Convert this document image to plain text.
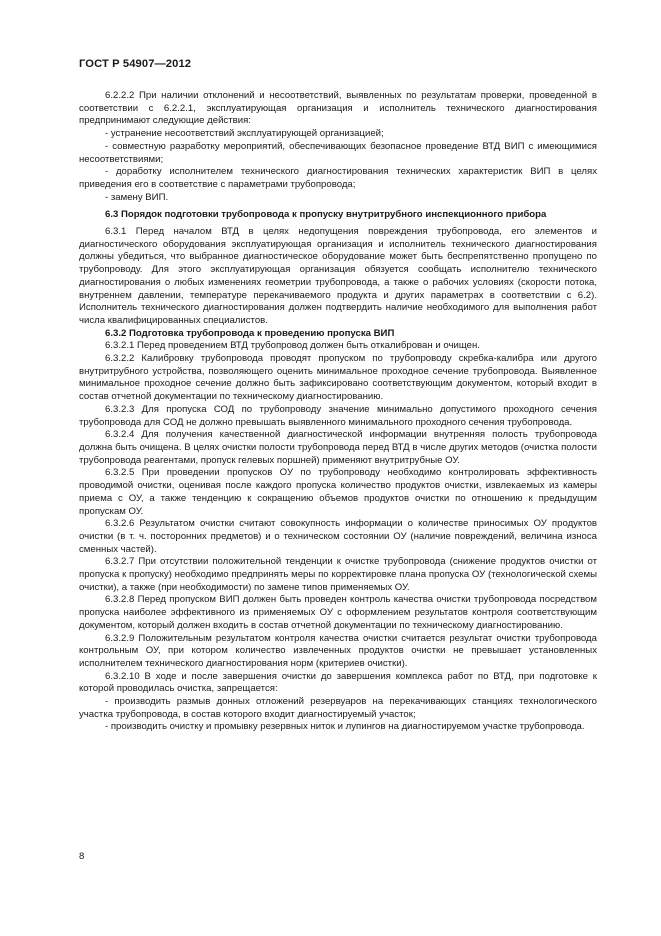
ГОСТ Р 54907—2012

6.2.2.2 При наличии отклонений и несоответствий, выявленных по результатам проверки, проведенной в соответствии с 6.2.2.1, эксплуатирующая организация и исполнитель технического диагностирования предпринимают следующие действия:

- устранение несоответствий эксплуатирующей организацией;

- совместную разработку мероприятий, обеспечивающих безопасное проведение ВТД ВИП с имеющимися несоответствиями;

- доработку исполнителем технического диагностирования технических характеристик ВИП в целях приведения его в соответствие с параметрами трубопровода;

- замену ВИП.

6.3 Порядок подготовки трубопровода к пропуску внутритрубного инспекционного прибора

6.3.1 Перед началом ВТД в целях недопущения повреждения трубопровода, его элементов и диагностического оборудования эксплуатирующая организация и исполнитель технического диагностирования должны убедиться, что выбранное диагностическое оборудование может быть беспрепятственно пропущено по трубопроводу. Для этого эксплуатирующая организация обязуется сообщать исполнителю технического диагностирования о любых изменениях геометрии трубопровода, а также о рабочих условиях (скорости потока, внутреннем давлении, температуре перекачиваемого продукта и других параметрах в соответствии с 6.2). Исполнитель технического диагностирования должен подтвердить наличие необходимого для выполнения работ числа квалифицированных специалистов.

6.3.2 Подготовка трубопровода к проведению пропуска ВИП

6.3.2.1 Перед проведением ВТД трубопровод должен быть откалиброван и очищен.

6.3.2.2 Калибровку трубопровода проводят пропуском по трубопроводу скребка-калибра или другого внутритрубного устройства, позволяющего оценить минимальное проходное сечение трубопровода. Выявленное минимальное проходное сечение должно быть зафиксировано соответствующим документом, который входит в состав отчетной документации по техническому диагностированию.

6.3.2.3 Для пропуска СОД по трубопроводу значение минимально допустимого проходного сечения трубопровода для СОД не должно превышать выявленного минимального проходного сечения трубопровода.

6.3.2.4 Для получения качественной диагностической информации внутренняя полость трубопровода должна быть очищена. В целях очистки полости трубопровода перед ВТД в числе других методов (очистка полости трубопровода реагентами, пропуск гелевых поршней) применяют внутритрубные ОУ.

6.3.2.5 При проведении пропусков ОУ по трубопроводу необходимо контролировать эффективность проводимой очистки, оценивая после каждого пропуска количество продуктов очистки, извлекаемых из камеры приема с ОУ, а также тенденцию к сокращению объемов продуктов очистки по отношению к предыдущим пропускам ОУ.

6.3.2.6 Результатом очистки считают совокупность информации о количестве приносимых ОУ продуктов очистки (в т. ч. посторонних предметов) и о техническом состоянии ОУ (наличие повреждений, величина износа сменных частей).

6.3.2.7 При отсутствии положительной тенденции к очистке трубопровода (снижение продуктов очистки от пропуска к пропуску) необходимо предпринять меры по корректировке плана пропуска ОУ (технологической схемы очистки), а также (при необходимости) по замене типов применяемых ОУ.

6.3.2.8 Перед пропуском ВИП должен быть проведен контроль качества очистки трубопровода посредством пропуска наиболее эффективного из применяемых ОУ с оформлением результатов контроля соответствующим документом, который должен входить в состав отчетной документации по техническому диагностированию.

6.3.2.9 Положительным результатом контроля качества очистки считается результат очистки трубопровода контрольным ОУ, при котором количество извлеченных продуктов очистки не превышает установленных исполнителем технического диагностирования норм (критериев очистки).

6.3.2.10 В ходе и после завершения очистки до завершения комплекса работ по ВТД, при подготовке к которой проводилась очистка, запрещается:

- производить размыв донных отложений резервуаров на перекачивающих станциях технологического участка трубопровода, в состав которого входит диагностируемый участок;

- производить очистку и промывку резервных ниток и лупингов на диагностируемом участке трубопровода.

8
